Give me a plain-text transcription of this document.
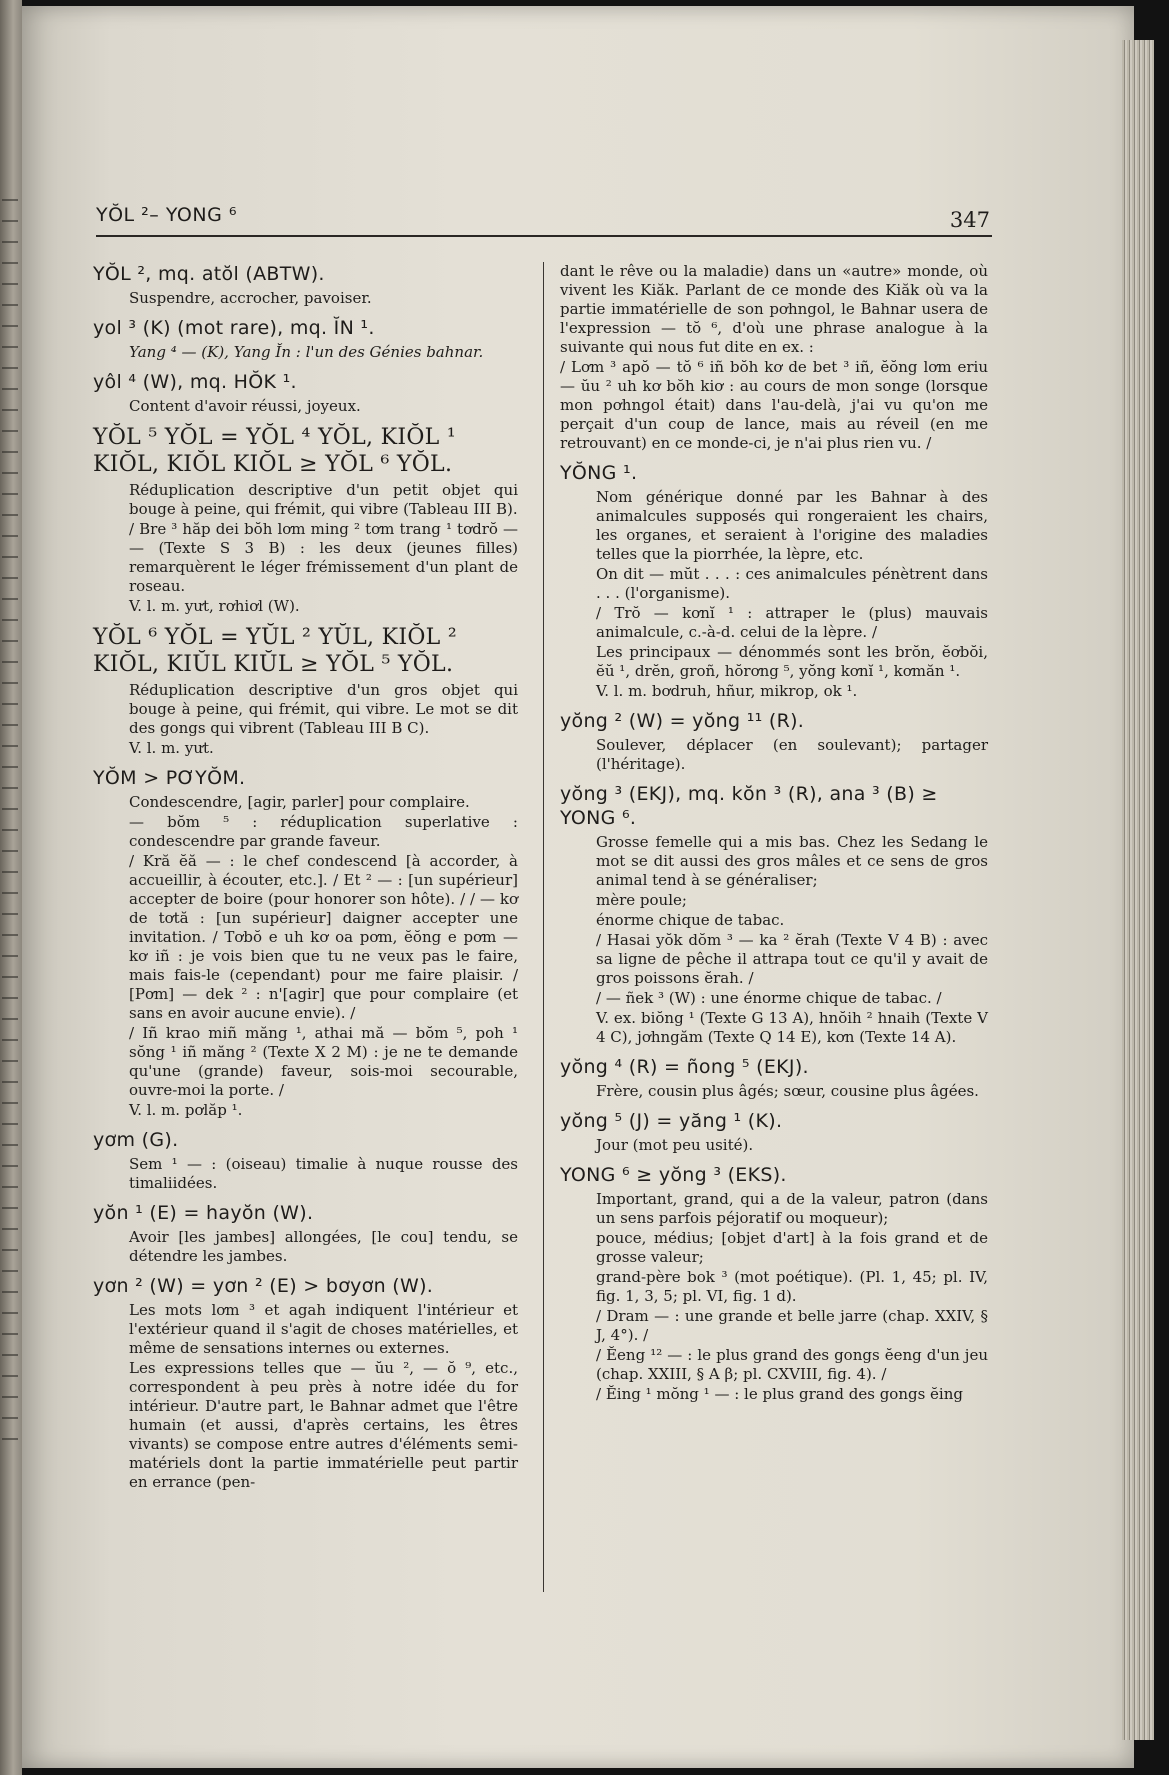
YŎL ²– YONG ⁶	347
YŎL ², mq. atŏl (ABTW).

Suspendre, accrocher, pavoiser.

yol ³ (K) (mot rare), mq. ĬN ¹.

Yang ⁴ — (K), Yang Ĭn : l'un des Génies bahnar.

yôl ⁴ (W), mq. HŎK ¹.

Content d'avoir réussi, joyeux.

YŎL ⁵ YŎL = YŎL ⁴ YŎL, KIŎL ¹ KIŎL, KIŎL KIŎL ≥ YŎL ⁶ YŎL.

Réduplication descriptive d'un petit objet qui bouge à peine, qui frémit, qui vibre (Tableau III B).

/ Bre ³ hăp dei bŏh lơm ming ² tơm trang ¹ tơdrŏ — — (Texte S 3 B) : les deux (jeunes filles) remarquèrent le léger frémissement d'un plant de roseau.

V. l. m. yưt, rơhiơl (W).

YŎL ⁶ YŎL = YŬL ² YŬL, KIŎL ² KIŎL, KIŬL KIŬL ≥ YŎL ⁵ YŎL.

Réduplication descriptive d'un gros objet qui bouge à peine, qui frémit, qui vibre. Le mot se dit des gongs qui vibrent (Tableau III B C).

V. l. m. yưt.

YŎM > PƠYŎM.

Condescendre, [agir, parler] pour complaire.

— bŏm ⁵ : réduplication superlative : condescendre par grande faveur.

/ Kră ĕă — : le chef condescend [à accorder, à accueillir, à écouter, etc.]. / Et ² — : [un supérieur] accepter de boire (pour honorer son hôte). / / — kơ de tơtă : [un supérieur] daigner accepter une invitation. / Tơbŏ e uh kơ oa pơm, ĕŏng e pơm — kơ iñ : je vois bien que tu ne veux pas le faire, mais fais-le (cependant) pour me faire plaisir. / [Pơm] — dek ² : n'[agir] que pour complaire (et sans en avoir aucune envie). /

/ Iñ krao miñ măng ¹, athai mă — bŏm ⁵, poh ¹ sŏng ¹ iñ măng ² (Texte X 2 M) : je ne te demande qu'une (grande) faveur, sois-moi secourable, ouvre-moi la porte. /

V. l. m. pơlăp ¹.

yơm (G).

Sem ¹ — : (oiseau) timalie à nuque rousse des timaliidées.

yŏn ¹ (E) = hayŏn (W).

Avoir [les jambes] allongées, [le cou] tendu, se détendre les jambes.

yơn ² (W) = yơn ² (E) > bơyơn (W).

Les mots lơm ³ et agah indiquent l'intérieur et l'extérieur quand il s'agit de choses matérielles, et même de sensations internes ou externes.

Les expressions telles que — ŭu ², — ŏ ⁹, etc., correspondent à peu près à notre idée du for intérieur. D'autre part, le Bahnar admet que l'être humain (et aussi, d'après certains, les êtres vivants) se compose entre autres d'éléments semi-matériels dont la partie immatérielle peut partir en errance (pen-

dant le rêve ou la maladie) dans un «autre» monde, où vivent les Kiăk. Parlant de ce monde des Kiăk où va la partie immatérielle de son pơhngol, le Bahnar usera de l'expression — tŏ ⁶, d'où une phrase analogue à la suivante qui nous fut dite en ex. :

/ Lơm ³ apŏ — tŏ ⁶ iñ bŏh kơ de bet ³ iñ, ĕŏng lơm eriu — ŭu ² uh kơ bŏh kiơ : au cours de mon songe (lorsque mon pơhngol était) dans l'au-delà, j'ai vu qu'on me perçait d'un coup de lance, mais au réveil (en me retrouvant) en ce monde-ci, je n'ai plus rien vu. /

YŎNG ¹.

Nom générique donné par les Bahnar à des animalcules supposés qui rongeraient les chairs, les organes, et seraient à l'origine des maladies telles que la piorrhée, la lèpre, etc.

On dit — mŭt . . . : ces animalcules pénètrent dans . . . (l'organisme).

/ Trŏ — kơnĭ ¹ : attraper le (plus) mauvais animalcule, c.-à-d. celui de la lèpre. /

Les principaux — dénommés sont les brŏn, ĕơbŏi, ĕŭ ¹, drĕn, groñ, hŏrơng ⁵, yŏng kơnĭ ¹, kơmăn ¹.

V. l. m. bơdruh, hñur, mikrop, ok ¹.

yŏng ² (W) = yŏng ¹¹ (R).

Soulever, déplacer (en soulevant); partager (l'héritage).

yŏng ³ (EKJ), mq. kŏn ³ (R), ana ³ (B) ≥ YONG ⁶.

Grosse femelle qui a mis bas. Chez les Sedang le mot se dit aussi des gros mâles et ce sens de gros animal tend à se généraliser;

mère poule;

énorme chique de tabac.

/ Hasai yŏk dŏm ³ — ka ² ĕrah (Texte V 4 B) : avec sa ligne de pêche il attrapa tout ce qu'il y avait de gros poissons ĕrah. /

/ — ñek ³ (W) : une énorme chique de tabac. /

V. ex. biŏng ¹ (Texte G 13 A), hnŏih ² hnaih (Texte V 4 C), jơhngăm (Texte Q 14 E), kơn (Texte 14 A).

yŏng ⁴ (R) = ñong ⁵ (EKJ).

Frère, cousin plus âgés; sœur, cousine plus âgées.

yŏng ⁵ (J) = yăng ¹ (K).

Jour (mot peu usité).

YONG ⁶ ≥ yŏng ³ (EKS).

Important, grand, qui a de la valeur, patron (dans un sens parfois péjoratif ou moqueur);

pouce, médius; [objet d'art] à la fois grand et de grosse valeur;

grand-père bok ³ (mot poétique). (Pl. 1, 45; pl. IV, fig. 1, 3, 5; pl. VI, fig. 1 d).

/ Dram — : une grande et belle jarre (chap. XXIV, § J, 4°). /

/ Ĕeng ¹² — : le plus grand des gongs ĕeng d'un jeu (chap. XXIII, § A β; pl. CXVIII, fig. 4). /

/ Ĕing ¹ mŏng ¹ — : le plus grand des gongs ĕing
